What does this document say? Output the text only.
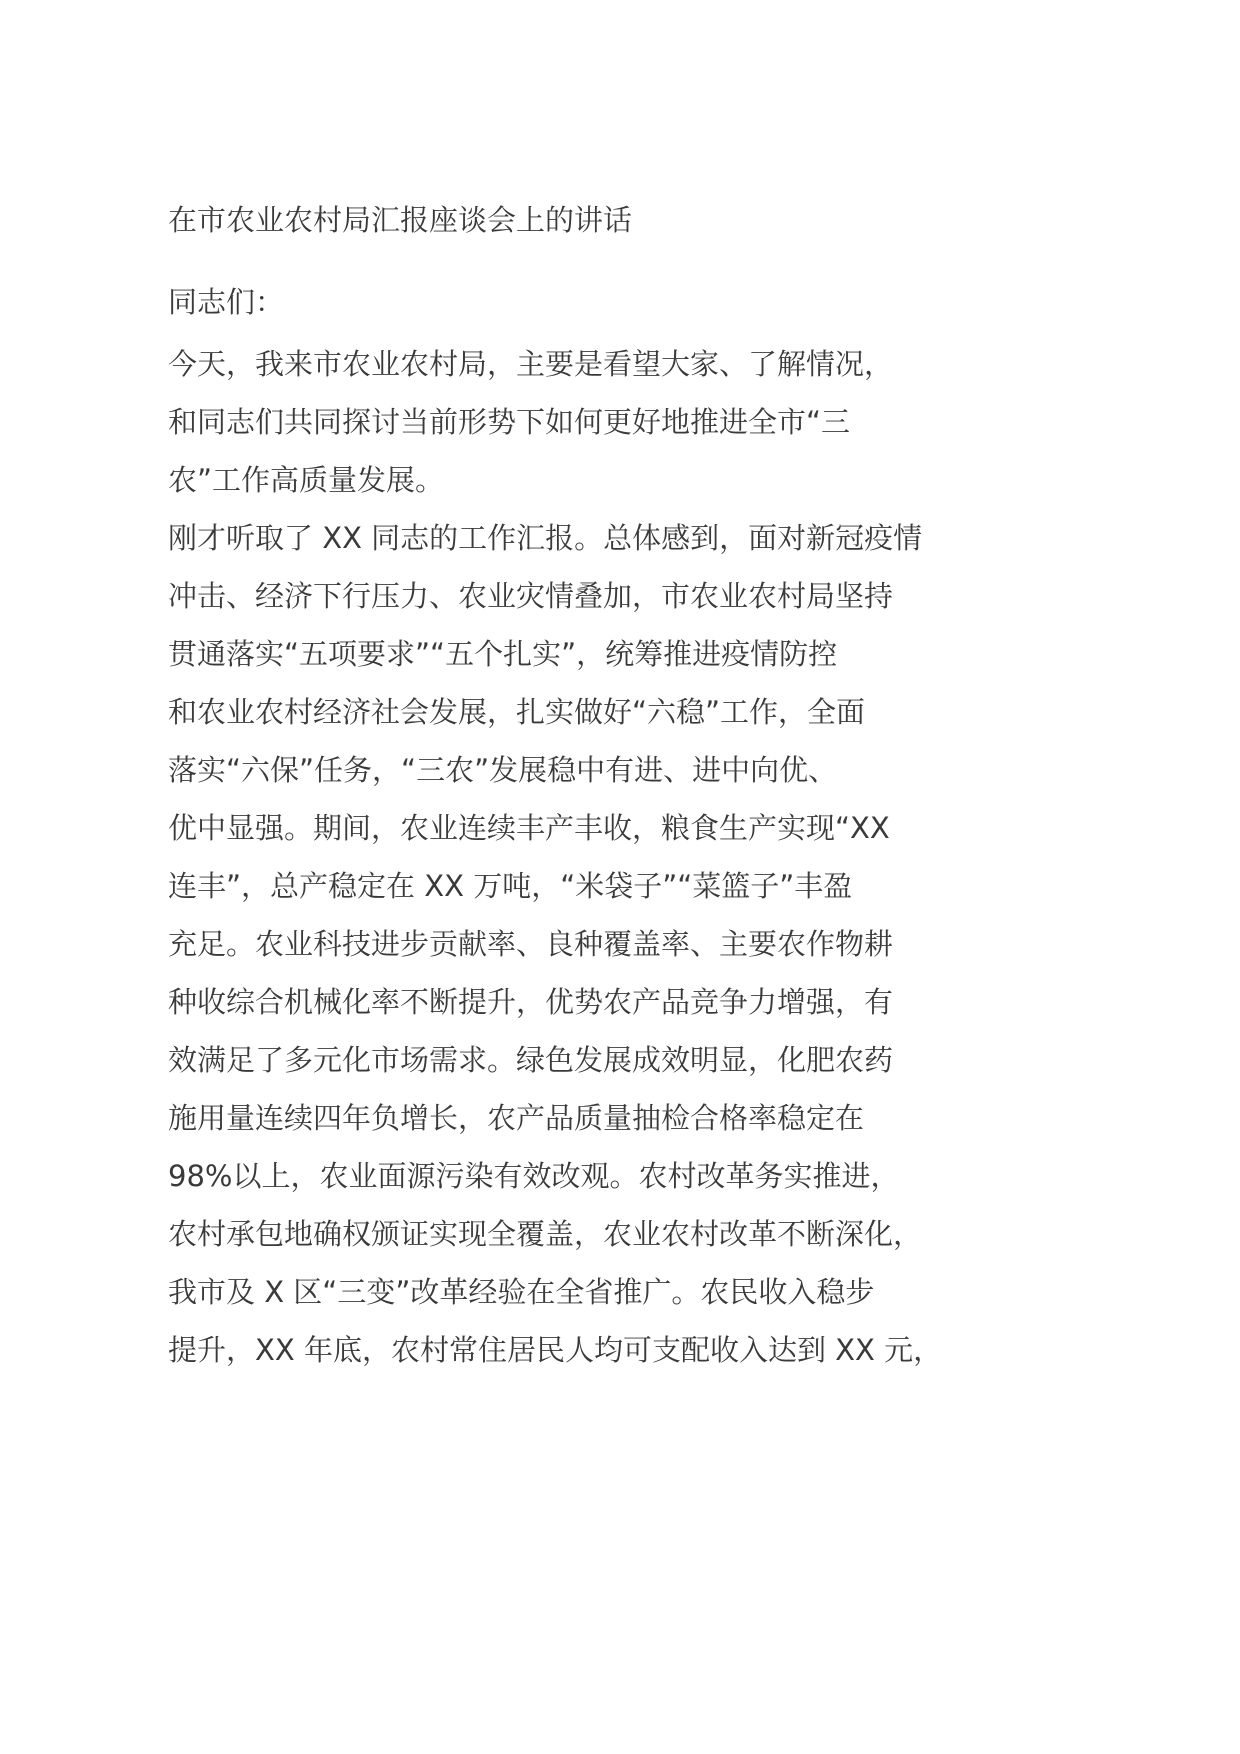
在市农业农村局汇报座谈会上的讲话
同志们：
今天，我来市农业农村局，主要是看望大家、了解情况，
和同志们共同探讨当前形势下如何更好地推进全市“三
农”工作高质量发展。
刚才听取了 XX 同志的工作汇报。总体感到，面对新冠疫情
冲击、经济下行压力、农业灾情叠加，市农业农村局坚持
贯通落实“五项要求”“五个扎实”，统筹推进疫情防控
和农业农村经济社会发展，扎实做好“六稳”工作，全面
落实“六保”任务，“三农”发展稳中有进、进中向优、
优中显强。期间，农业连续丰产丰收，粮食生产实现“XX
连丰”，总产稳定在 XX 万吨，“米袋子”“菜篮子”丰盈
充足。农业科技进步贡献率、良种覆盖率、主要农作物耕
种收综合机械化率不断提升，优势农产品竞争力增强，有
效满足了多元化市场需求。绿色发展成效明显，化肥农药
施用量连续四年负增长，农产品质量抽检合格率稳定在
98%以上，农业面源污染有效改观。农村改革务实推进，
农村承包地确权颁证实现全覆盖，农业农村改革不断深化，
我市及 X 区“三变”改革经验在全省推广。农民收入稳步
提升，XX 年底，农村常住居民人均可支配收入达到 XX 元，
